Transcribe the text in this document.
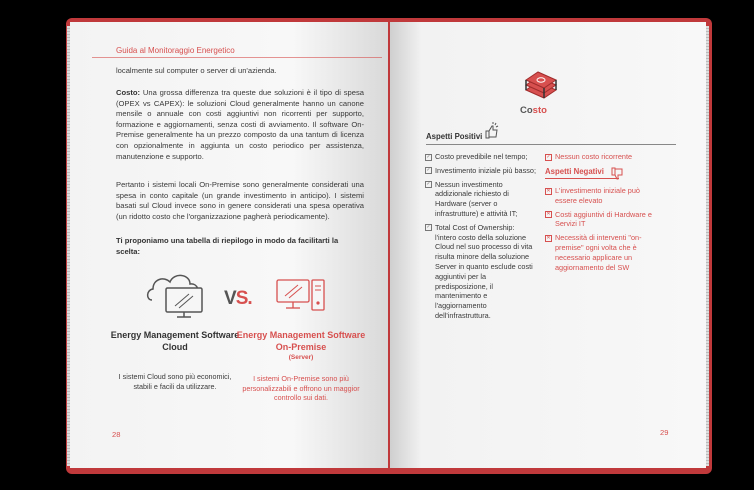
Guida al Monitoraggio Energetico
localmente sul computer o server di un'azienda.
Costo: Una grossa differenza tra queste due soluzioni è il tipo di spesa (OPEX vs CAPEX): le soluzioni Cloud generalmente hanno un canone mensile o annuale con costi aggiuntivi non ricorrenti per supporto, formazione e aggiornamenti, senza costi di avviamento. Il software On-Premise generalmente ha un prezzo composto da una tantum di licenza con opzionalmente in aggiunta un costo periodico per assistenza, manutenzione e supporto.
Pertanto i sistemi locali On-Premise sono generalmente considerati una spesa in conto capitale (un grande investimento in anticipo). I sistemi basati sul Cloud invece sono in genere considerati una spesa operativa (un ridotto costo che l'organizzazione pagherà periodicamente).
Ti proponiamo una tabella di riepilogo in modo da facilitarti la scelta:
VS.
Energy Management Software Cloud
I sistemi Cloud sono più economici, stabili e facili da utilizzare.
Energy Management Software On-Premise
(Server)
I sistemi On-Premise sono più personalizzabili e offrono un maggior controllo sui dati.
28
Costo
Aspetti Positivi
✓ Costo prevedibile nel tempo;
✓ Investimento iniziale più basso;
✓ Nessun investimento addizionale richiesto di Hardware (server o infrastrutture) e attività IT;
✓ Total Cost of Ownership: l'intero costo della soluzione Cloud nel suo processo di vita risulta minore della soluzione Server in quanto esclude costi aggiuntivi per la predisposizione, il mantenimento e l'aggiornamento dell'infrastruttura.
✓ Nessun costo ricorrente
Aspetti Negativi
✕ L'investimento iniziale può essere elevato
✕ Costi aggiuntivi di Hardware e Servizi IT
✕ Necessità di interventi "on-premise" ogni volta che è necessario applicare un aggiornamento del SW
29
